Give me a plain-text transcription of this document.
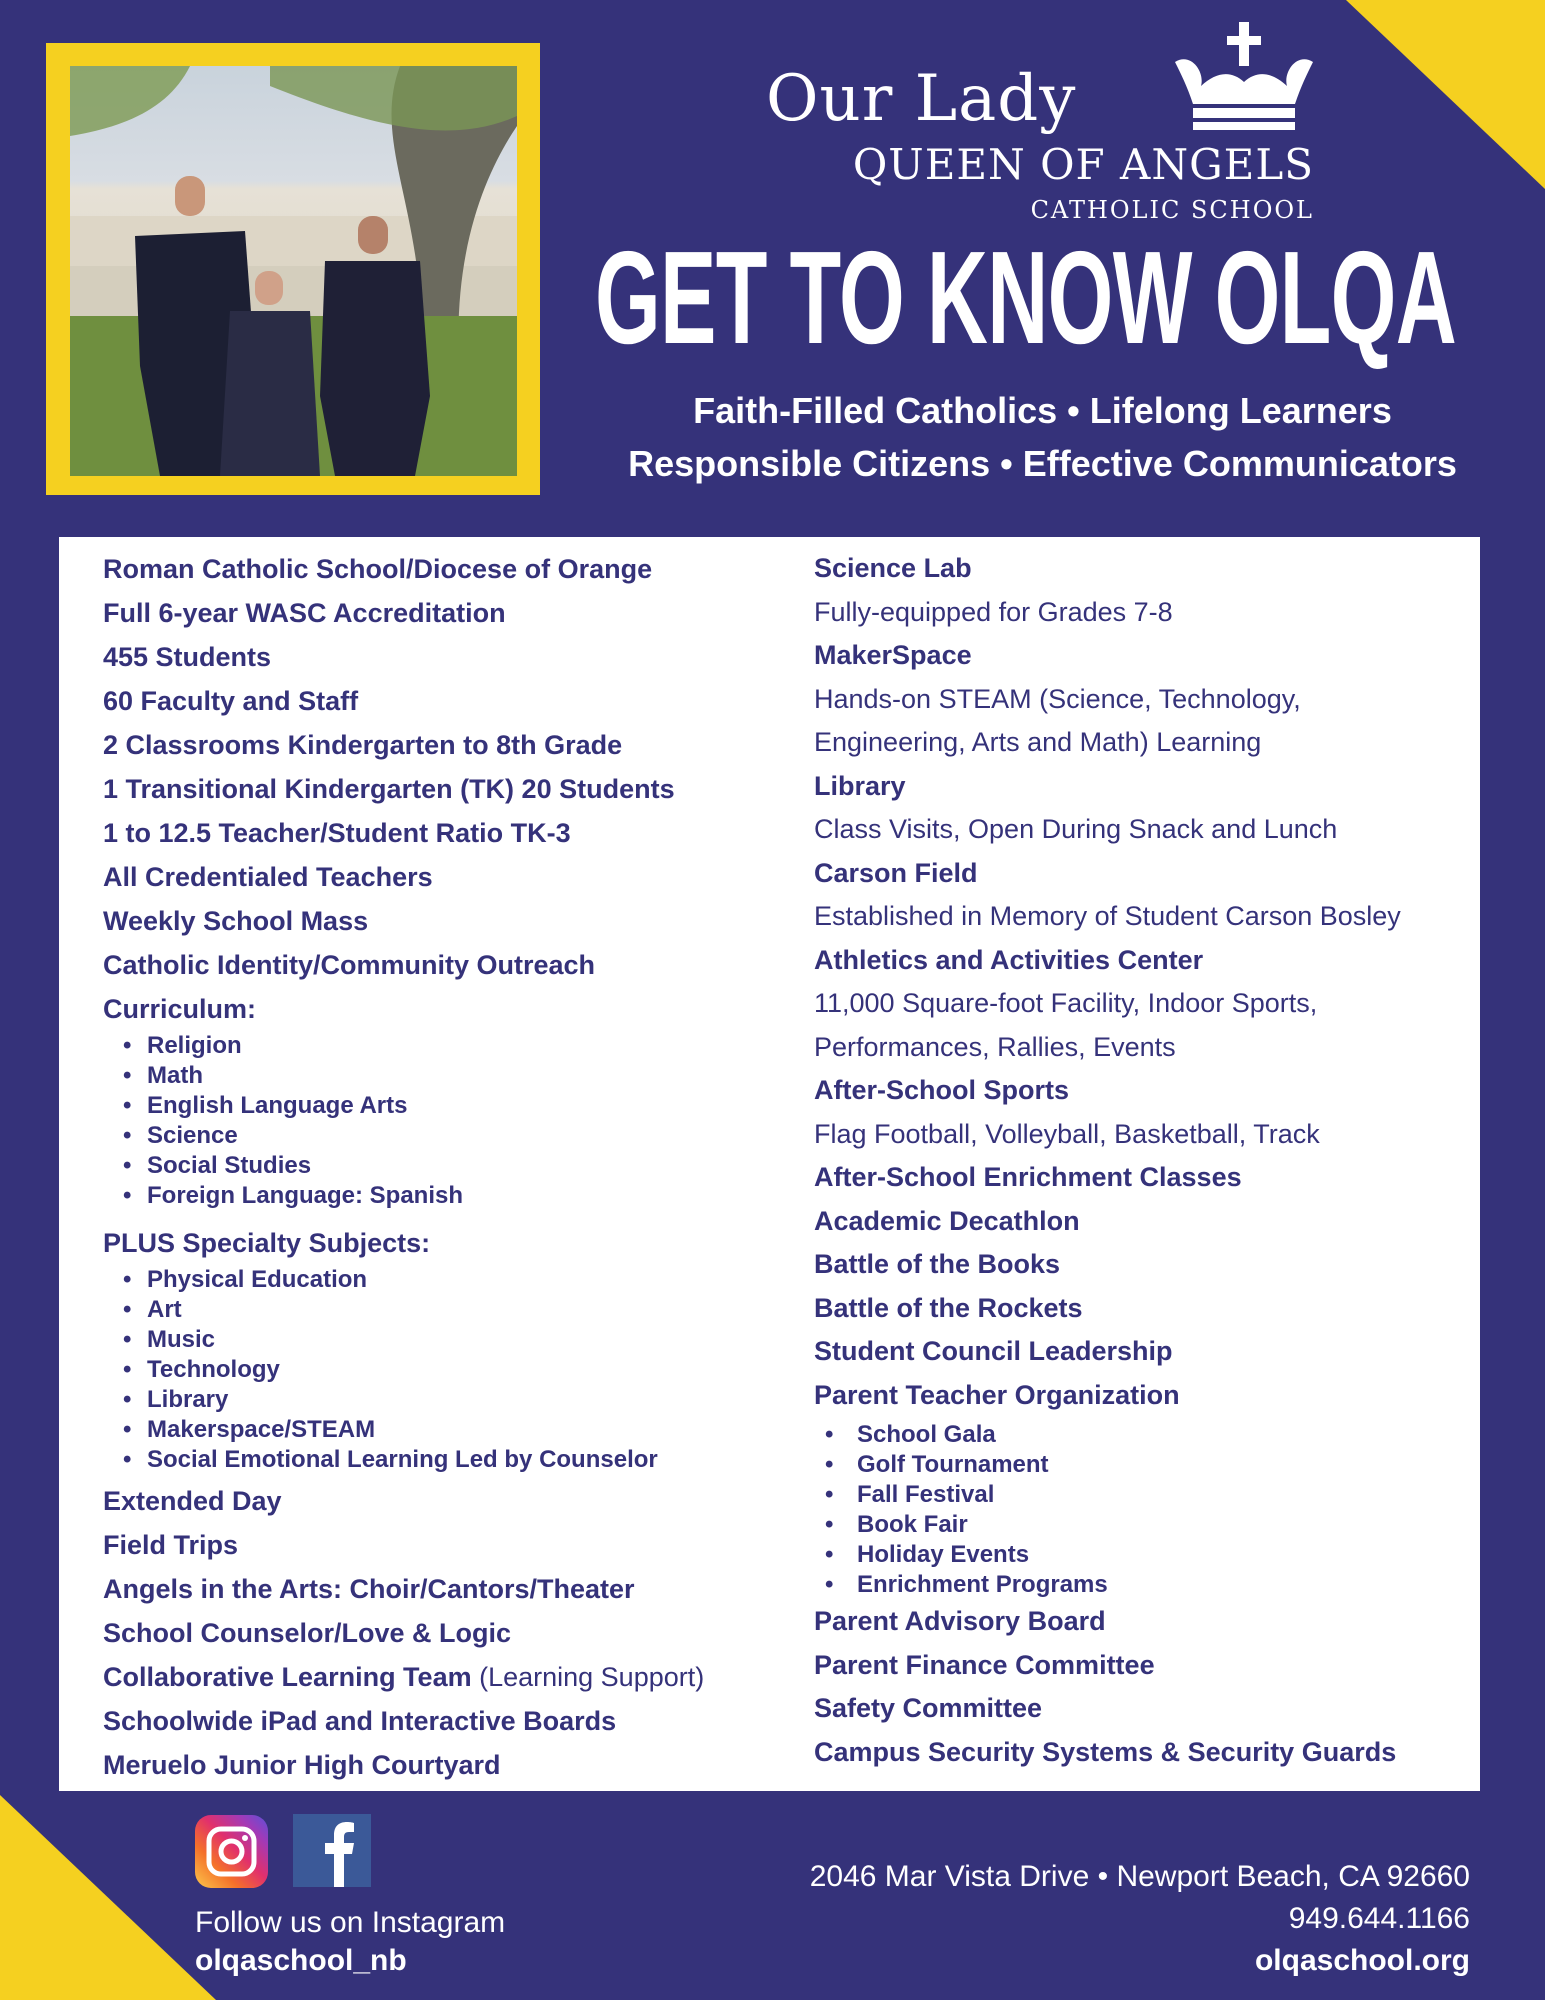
Our Lady
QUEEN OF ANGELS
CATHOLIC SCHOOL
GET TO KNOW OLQA
Faith-Filled Catholics • Lifelong Learners
Responsible Citizens • Effective Communicators
Roman Catholic School/Diocese of Orange
Full 6-year WASC Accreditation
455 Students
60 Faculty and Staff
2 Classrooms Kindergarten to 8th Grade
1 Transitional Kindergarten (TK) 20 Students
1 to 12.5 Teacher/Student Ratio TK-3
All Credentialed Teachers
Weekly School Mass
Catholic Identity/Community Outreach
Curriculum:
• Religion
• Math
• English Language Arts
• Science
• Social Studies
• Foreign Language: Spanish
PLUS Specialty Subjects:
• Physical Education
• Art
• Music
• Technology
• Library
• Makerspace/STEAM
• Social Emotional Learning Led by Counselor
Extended Day
Field Trips
Angels in the Arts: Choir/Cantors/Theater
School Counselor/Love & Logic
Collaborative Learning Team (Learning Support)
Schoolwide iPad and Interactive Boards
Meruelo Junior High Courtyard
Science Lab
Fully-equipped for Grades 7-8
MakerSpace
Hands-on STEAM (Science, Technology,
Engineering, Arts and Math) Learning
Library
Class Visits, Open During Snack and Lunch
Carson Field
Established in Memory of Student Carson Bosley
Athletics and Activities Center
11,000 Square-foot Facility, Indoor Sports,
Performances, Rallies, Events
After-School Sports
Flag Football, Volleyball, Basketball, Track
After-School Enrichment Classes
Academic Decathlon
Battle of the Books
Battle of the Rockets
Student Council Leadership
Parent Teacher Organization
• School Gala
• Golf Tournament
• Fall Festival
• Book Fair
• Holiday Events
• Enrichment Programs
Parent Advisory Board
Parent Finance Committee
Safety Committee
Campus Security Systems & Security Guards
Follow us on Instagram
olqaschool_nb
2046 Mar Vista Drive • Newport Beach, CA 92660
949.644.1166
olqaschool.org
